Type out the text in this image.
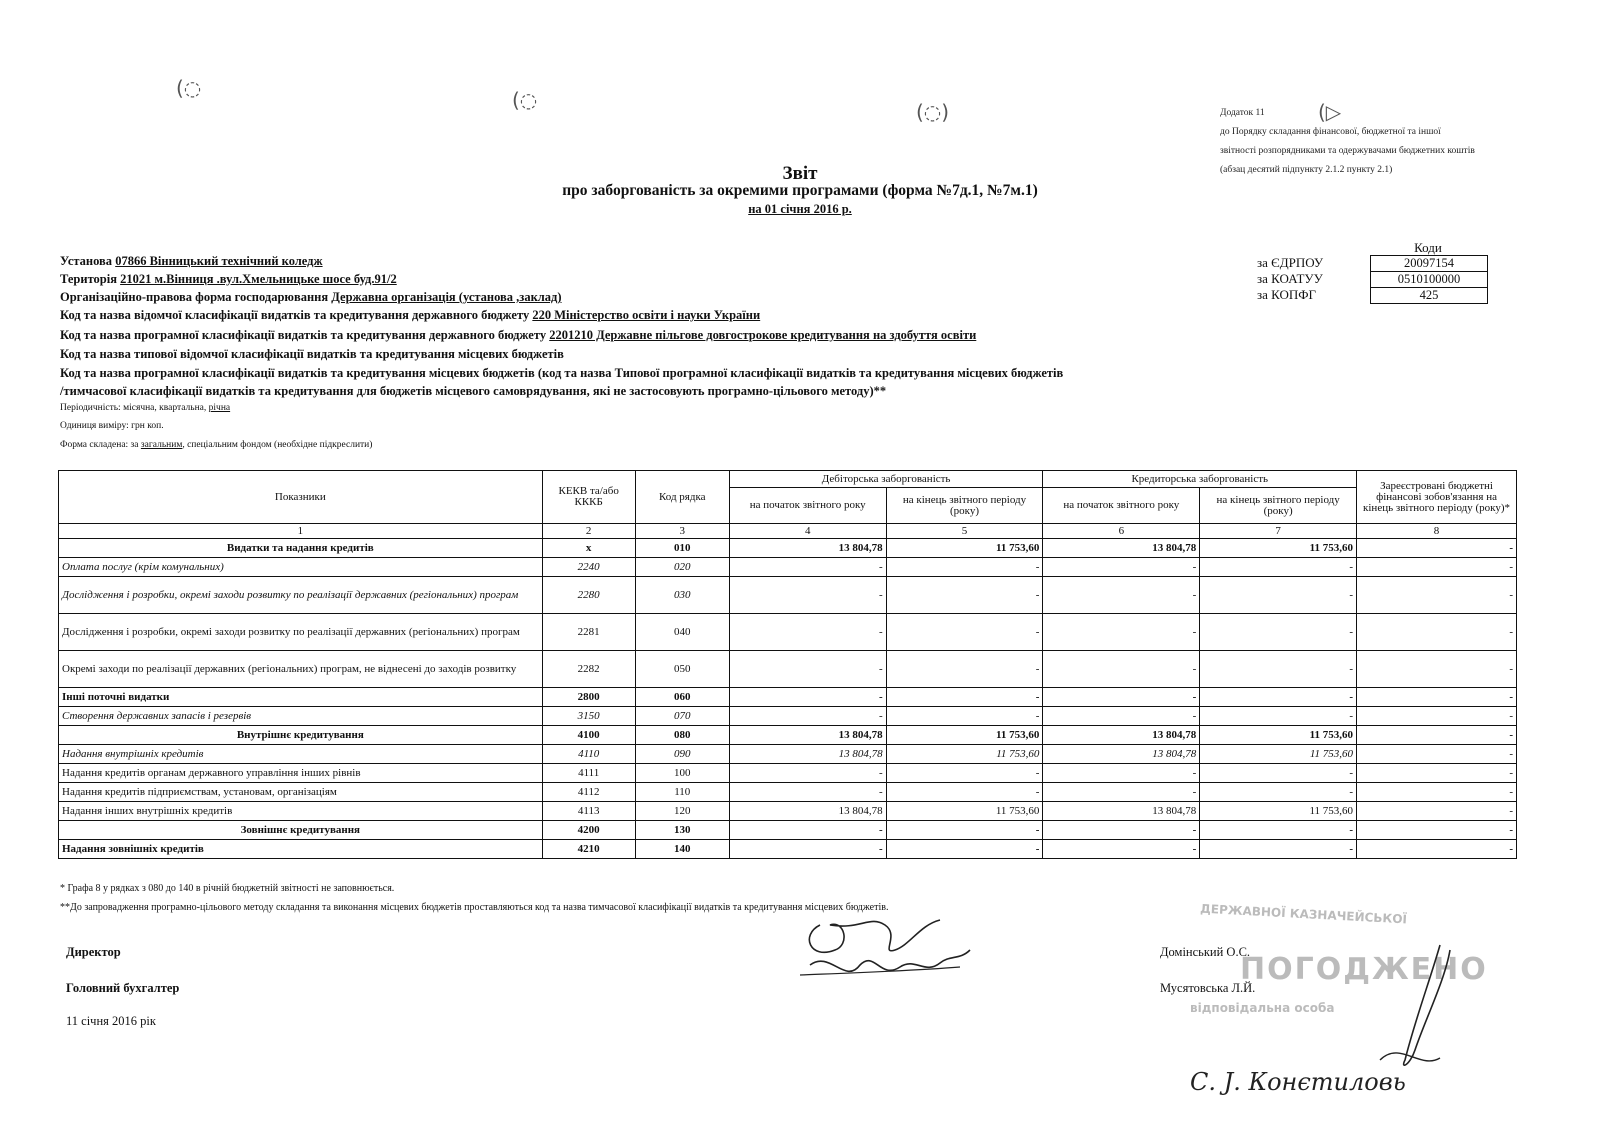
(◌	(◌	(◌)	(▷
Додаток 11
до Порядку складання фінансової, бюджетної та іншої
звітності розпорядниками та одержувачами бюджетних коштів
(абзац десятий підпункту 2.1.2 пункту 2.1)
Звіт
про заборгованість за окремими програмами (форма №7д.1, №7м.1)
на 01 січня 2016 р.
Коди
за ЄДРПОУ	20097154
за КОАТУУ	0510100000
за КОПФГ	425
Установа 07866 Вінницький технічний коледж
Територія 21021 м.Вінниця .вул.Хмельницьке шосе буд.91/2
Організаційно-правова форма господарювання Державна організація (установа ,заклад)
Код та назва відомчої класифікації видатків та кредитування державного бюджету 220 Міністерство освіти і науки України
Код та назва програмної класифікації видатків та кредитування державного бюджету 2201210 Державне пільгове довгострокове кредитування на здобуття освіти
Код та назва типової відомчої класифікації видатків та кредитування місцевих бюджетів
Код та назва програмної класифікації видатків та кредитування місцевих бюджетів (код та назва Типової програмної класифікації видатків та кредитування місцевих бюджетів
/тимчасової класифікації видатків та кредитування для бюджетів місцевого самоврядування, які не застосовують програмно-цільового методу)**
Періодичність: місячна, квартальна, річна
Одиниця виміру: грн коп.
Форма складена: за загальним, спеціальним фондом (необхідне підкреслити)
Показники	КЕКВ та/або КККБ	Код рядка	Дебіторська заборгованість		Кредиторська заборгованість		Зареєстровані бюджетні фінансові зобов'язання на кінець звітного періоду (року)*
			на початок звітного року	на кінець звітного періоду (року)	на початок звітного року	на кінець звітного періоду (року)	
1	2	3	4	5	6	7	8
Видатки та надання кредитів	х	010	13 804,78	11 753,60	13 804,78	11 753,60	-
Оплата послуг (крім комунальних)	2240	020	-	-	-	-	-
Дослідження і розробки, окремі заходи розвитку по реалізації державних (регіональних) програм	2280	030	-	-	-	-	-
Дослідження і розробки, окремі заходи розвитку по реалізації державних (регіональних) програм	2281	040	-	-	-	-	-
Окремі заходи по реалізації державних (регіональних) програм, не віднесені до заходів розвитку	2282	050	-	-	-	-	-
Інші поточні видатки	2800	060	-	-	-	-	-
Створення державних запасів і резервів	3150	070	-	-	-	-	-
Внутрішнє кредитування	4100	080	13 804,78	11 753,60	13 804,78	11 753,60	-
Надання внутрішніх кредитів	4110	090	13 804,78	11 753,60	13 804,78	11 753,60	-
Надання кредитів органам державного управління інших рівнів	4111	100	-	-	-	-	-
Надання кредитів підприємствам, установам, організаціям	4112	110	-	-	-	-	-
Надання інших внутрішніх кредитів	4113	120	13 804,78	11 753,60	13 804,78	11 753,60	-
Зовнішнє кредитування	4200	130	-	-	-	-	-
Надання зовнішніх кредитів	4210	140	-	-	-	-	-
* Графа 8 у рядках з 080 до 140 в річній бюджетній звітності не заповнюється.
**До запровадження програмно-цільового методу складання та виконання місцевих бюджетів проставляються код та назва тимчасової класифікації видатків та кредитування місцевих бюджетів.
Директор
Головний бухгалтер
11 січня 2016 рік
Домінський О.С.
Мусятовська Л.Й.
ДЕРЖАВНОЇ КАЗНАЧЕЙСЬКОЇ
ПОГОДЖЕНО
відповідальна особа
С. Ј. Конєтиловь
